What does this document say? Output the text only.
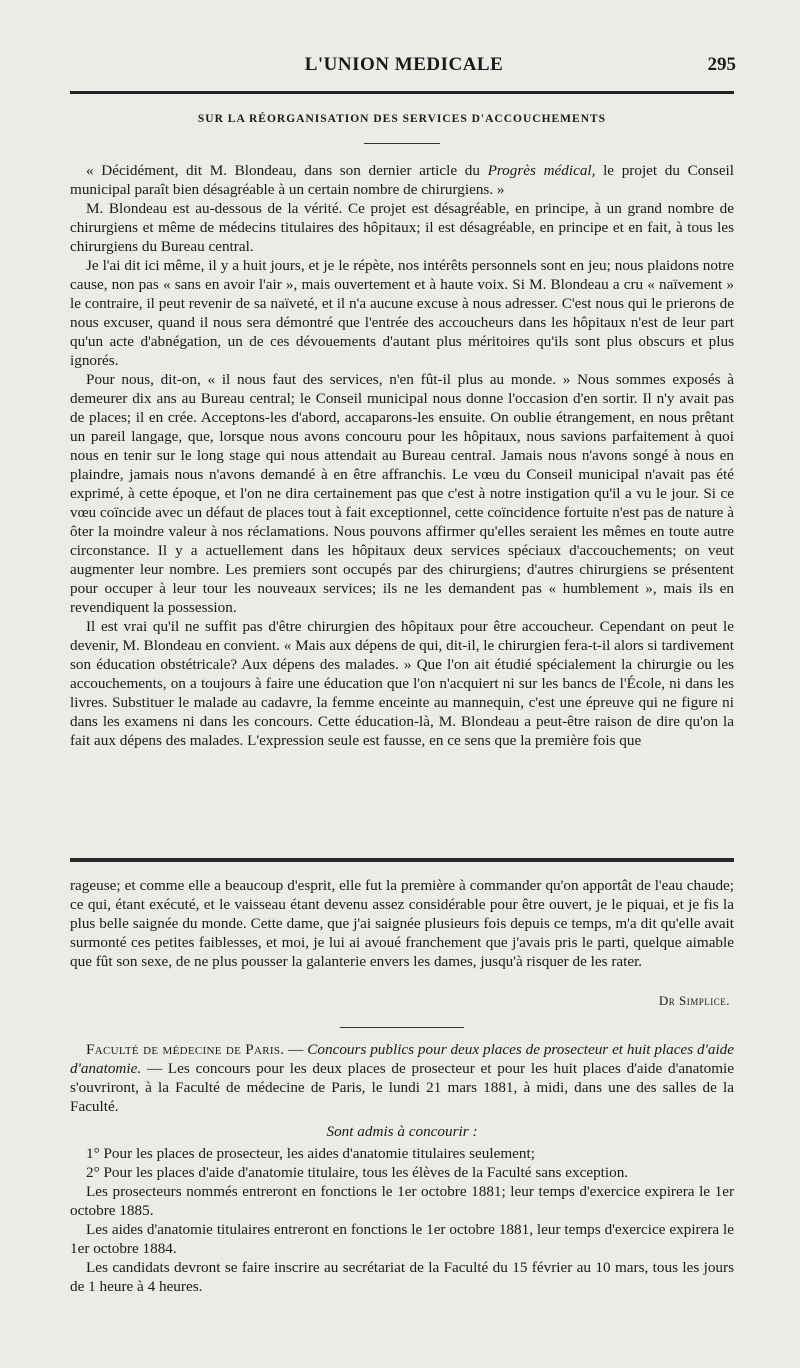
L'UNION MEDICALE	295
SUR LA RÉORGANISATION DES SERVICES D'ACCOUCHEMENTS

« Décidément, dit M. Blondeau, dans son dernier article du Progrès médical, le projet du Conseil municipal paraît bien désagréable à un certain nombre de chirurgiens. »

M. Blondeau est au-dessous de la vérité. Ce projet est désagréable, en principe, à un grand nombre de chirurgiens et même de médecins titulaires des hôpitaux; il est désagréable, en principe et en fait, à tous les chirurgiens du Bureau central.

Je l'ai dit ici même, il y a huit jours, et je le répète, nos intérêts personnels sont en jeu; nous plaidons notre cause, non pas « sans en avoir l'air », mais ouvertement et à haute voix. Si M. Blondeau a cru « naïvement » le contraire, il peut revenir de sa naïveté, et il n'a aucune excuse à nous adresser. C'est nous qui le prierons de nous excuser, quand il nous sera démontré que l'entrée des accoucheurs dans les hôpitaux n'est de leur part qu'un acte d'abnégation, un de ces dévouements d'autant plus méritoires qu'ils sont plus obscurs et plus ignorés.

Pour nous, dit-on, « il nous faut des services, n'en fût-il plus au monde. » Nous sommes exposés à demeurer dix ans au Bureau central; le Conseil municipal nous donne l'occasion d'en sortir. Il n'y avait pas de places; il en crée. Acceptons-les d'abord, accaparons-les ensuite. On oublie étrangement, en nous prêtant un pareil langage, que, lorsque nous avons concouru pour les hôpitaux, nous savions parfaitement à quoi nous en tenir sur le long stage qui nous attendait au Bureau central. Jamais nous n'avons songé à nous en plaindre, jamais nous n'avons demandé à en être affranchis. Le vœu du Conseil municipal n'avait pas été exprimé, à cette époque, et l'on ne dira certainement pas que c'est à notre instigation qu'il a vu le jour. Si ce vœu coïncide avec un défaut de places tout à fait exceptionnel, cette coïncidence fortuite n'est pas de nature à ôter la moindre valeur à nos réclamations. Nous pouvons affirmer qu'elles seraient les mêmes en toute autre circonstance. Il y a actuellement dans les hôpitaux deux services spéciaux d'accouchements; on veut augmenter leur nombre. Les premiers sont occupés par des chirurgiens; d'autres chirurgiens se présentent pour occuper à leur tour les nouveaux services; ils ne les demandent pas « humblement », mais ils en revendiquent la possession.

Il est vrai qu'il ne suffit pas d'être chirurgien des hôpitaux pour être accoucheur. Cependant on peut le devenir, M. Blondeau en convient. « Mais aux dépens de qui, dit-il, le chirurgien fera-t-il alors si tardivement son éducation obstétricale? Aux dépens des malades. » Que l'on ait étudié spécialement la chirurgie ou les accouchements, on a toujours à faire une éducation que l'on n'acquiert ni sur les bancs de l'École, ni dans les livres. Substituer le malade au cadavre, la femme enceinte au mannequin, c'est une épreuve qui ne figure ni dans les examens ni dans les concours. Cette éducation-là, M. Blondeau a peut-être raison de dire qu'on la fait aux dépens des malades. L'expression seule est fausse, en ce sens que la première fois que

rageuse; et comme elle a beaucoup d'esprit, elle fut la première à commander qu'on apportât de l'eau chaude; ce qui, étant exécuté, et le vaisseau étant devenu assez considérable pour être ouvert, je le piquai, et je fis la plus belle saignée du monde. Cette dame, que j'ai saignée plusieurs fois depuis ce temps, m'a dit qu'elle avait surmonté ces petites faiblesses, et moi, je lui ai avoué franchement que j'avais pris le parti, quelque aimable que fût son sexe, de ne plus pousser la galanterie envers les dames, jusqu'à risquer de les rater.

Dr Simplice.

Faculté de médecine de Paris. — Concours publics pour deux places de prosecteur et huit places d'aide d'anatomie. — Les concours pour les deux places de prosecteur et pour les huit places d'aide d'anatomie s'ouvriront, à la Faculté de médecine de Paris, le lundi 21 mars 1881, à midi, dans une des salles de la Faculté.

Sont admis à concourir :

1° Pour les places de prosecteur, les aides d'anatomie titulaires seulement;

2° Pour les places d'aide d'anatomie titulaire, tous les élèves de la Faculté sans exception.

Les prosecteurs nommés entreront en fonctions le 1er octobre 1881; leur temps d'exercice expirera le 1er octobre 1885.

Les aides d'anatomie titulaires entreront en fonctions le 1er octobre 1881, leur temps d'exercice expirera le 1er octobre 1884.

Les candidats devront se faire inscrire au secrétariat de la Faculté du 15 février au 10 mars, tous les jours de 1 heure à 4 heures.
